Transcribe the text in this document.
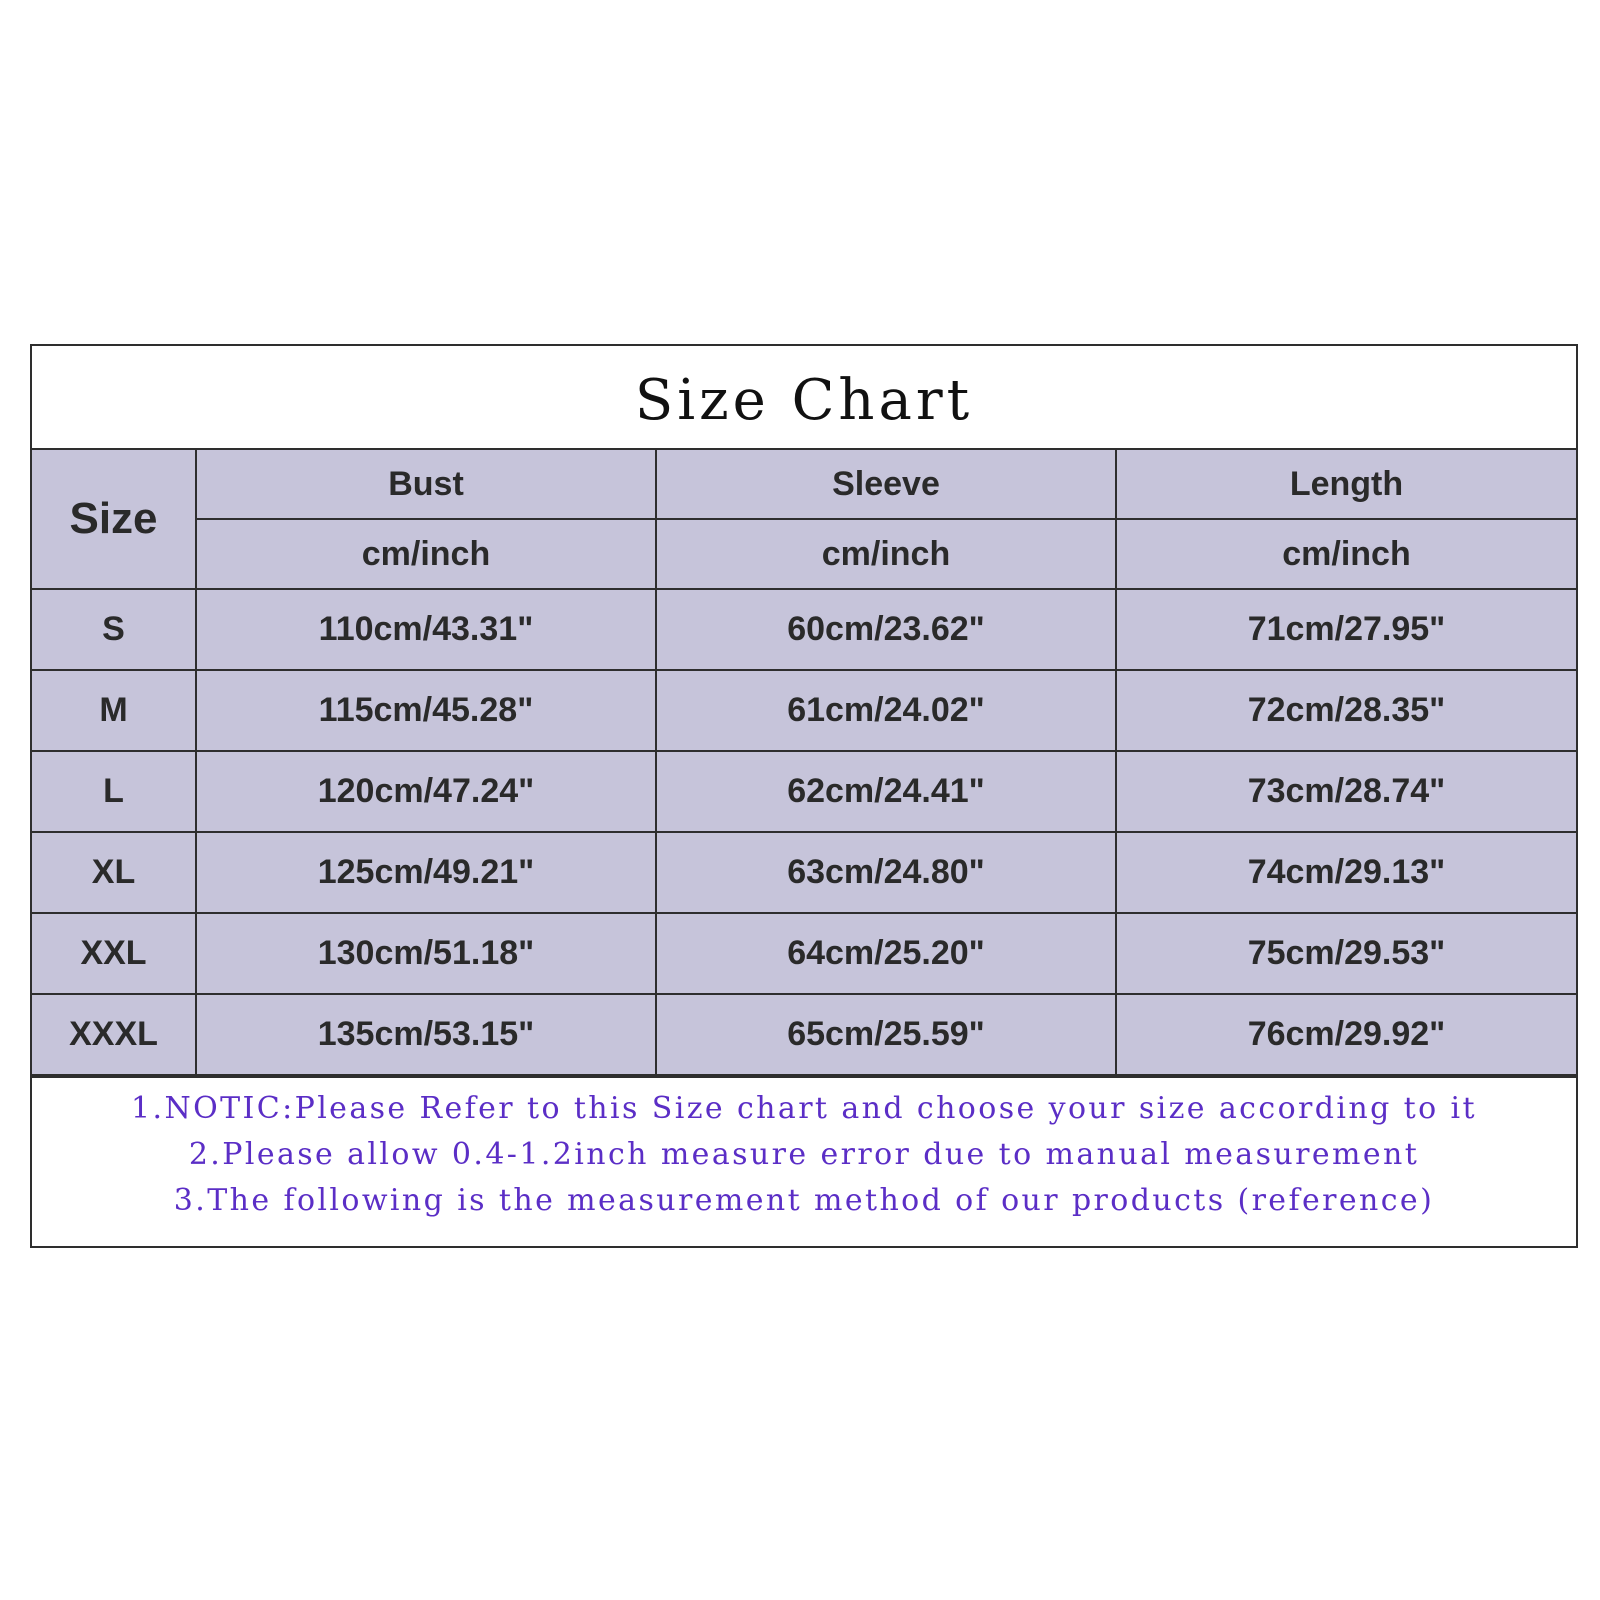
Size Chart
Size	Bust	Sleeve	Length
	cm/inch	cm/inch	cm/inch
S	110cm/43.31"	60cm/23.62"	71cm/27.95"
M	115cm/45.28"	61cm/24.02"	72cm/28.35"
L	120cm/47.24"	62cm/24.41"	73cm/28.74"
XL	125cm/49.21"	63cm/24.80"	74cm/29.13"
XXL	130cm/51.18"	64cm/25.20"	75cm/29.53"
XXXL	135cm/53.15"	65cm/25.59"	76cm/29.92"
1.NOTIC:Please Refer to this Size chart and choose your size according to it
2.Please allow 0.4-1.2inch measure error due to manual measurement
3.The following is the measurement method of our products (reference)
